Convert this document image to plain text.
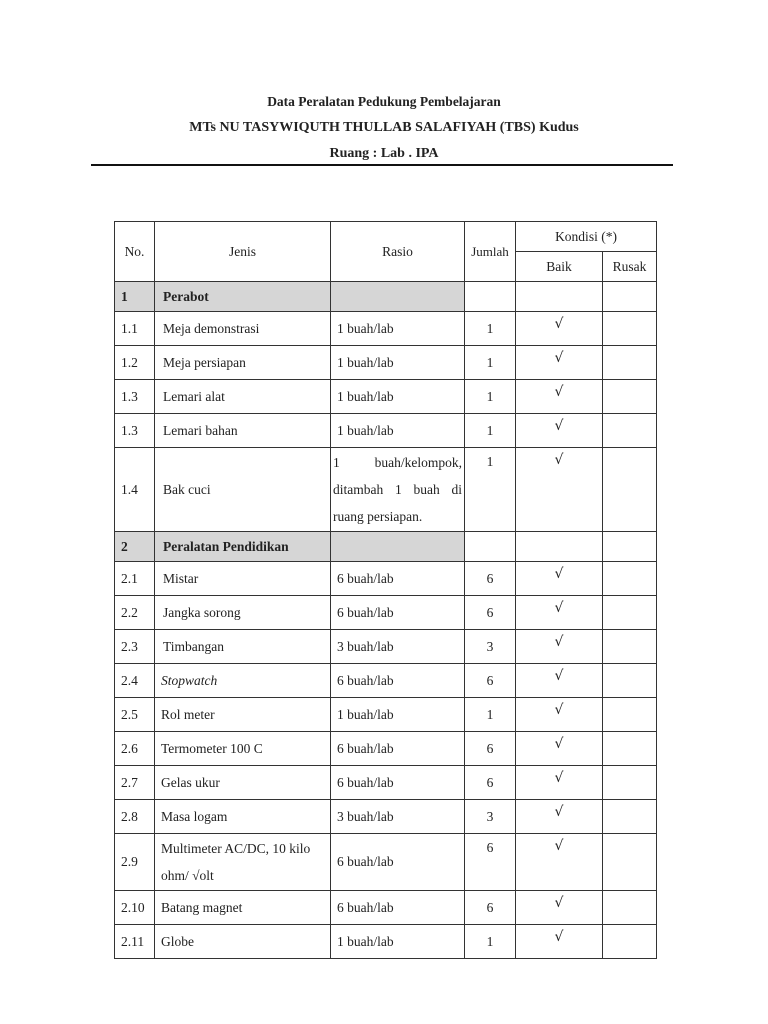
Data Peralatan Pedukung Pembelajaran
MTs NU TASYWIQUTH THULLAB SALAFIYAH (TBS) Kudus
Ruang : Lab . IPA
No.	Jenis	Rasio	Jumlah	Kondisi (*)	
				Baik	Rusak
1	Perabot				
1.1	Meja demonstrasi	1 buah/lab	1	√	
1.2	Meja persiapan	1 buah/lab	1	√	
1.3	Lemari alat	1 buah/lab	1	√	
1.3	Lemari bahan	1 buah/lab	1	√	
1.4	Bak cuci	1 buah/kelompok, ditambah 1 buah di ruang persiapan.	1	√	
2	Peralatan Pendidikan				
2.1	Mistar	6 buah/lab	6	√	
2.2	Jangka sorong	6 buah/lab	6	√	
2.3	Timbangan	3 buah/lab	3	√	
2.4	Stopwatch	6 buah/lab	6	√	
2.5	Rol meter	1 buah/lab	1	√	
2.6	Termometer 100 C	6 buah/lab	6	√	
2.7	Gelas ukur	6 buah/lab	6	√	
2.8	Masa logam	3 buah/lab	3	√	
2.9	Multimeter AC/DC, 10 kilo ohm/ √olt	6 buah/lab	6	√	
2.10	Batang magnet	6 buah/lab	6	√	
2.11	Globe	1 buah/lab	1	√	
